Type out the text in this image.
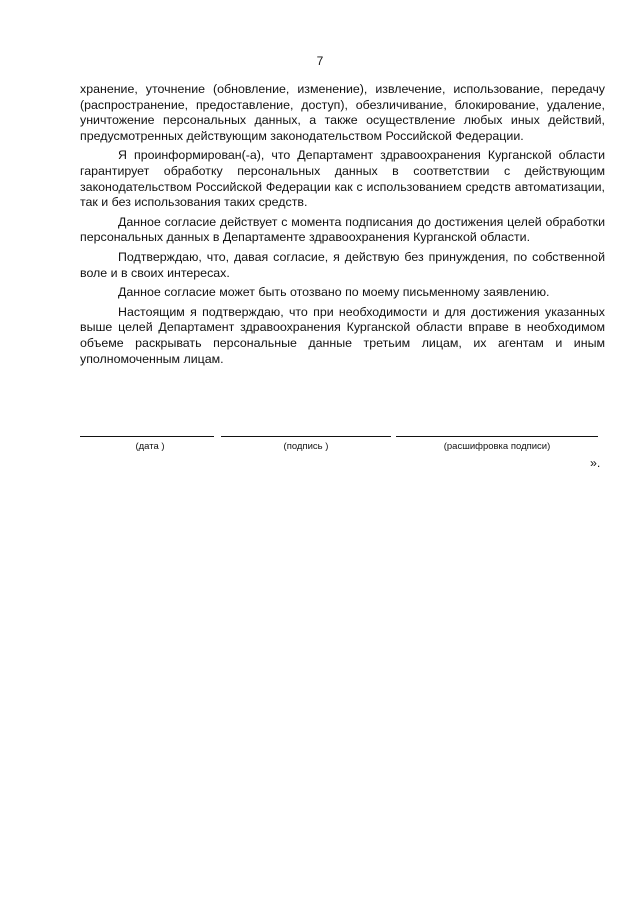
7

хранение, уточнение (обновление, изменение), извлечение, использование, передачу (распространение, предоставление, доступ), обезличивание, блокирование, удаление, уничтожение персональных данных, а также осуществление любых иных действий, предусмотренных действующим законодательством Российской Федерации.

Я проинформирован(-а), что Департамент здравоохранения Курганской области гарантирует обработку персональных данных в соответствии с действующим законодательством Российской Федерации как с использованием средств автоматизации, так и без использования таких средств.

Данное согласие действует с момента подписания до достижения целей обработки персональных данных в Департаменте здравоохранения Курганской области.

Подтверждаю, что, давая согласие, я действую без принуждения, по собственной воле и в своих интересах.

Данное согласие может быть отозвано по моему письменному заявлению.

Настоящим я подтверждаю, что при необходимости и для достижения указанных выше целей Департамент здравоохранения Курганской области вправе в необходимом объеме раскрывать персональные данные третьим лицам, их агентам и иным уполномоченным лицам.

(дата )	(подпись )	(расшифровка подписи)
».
